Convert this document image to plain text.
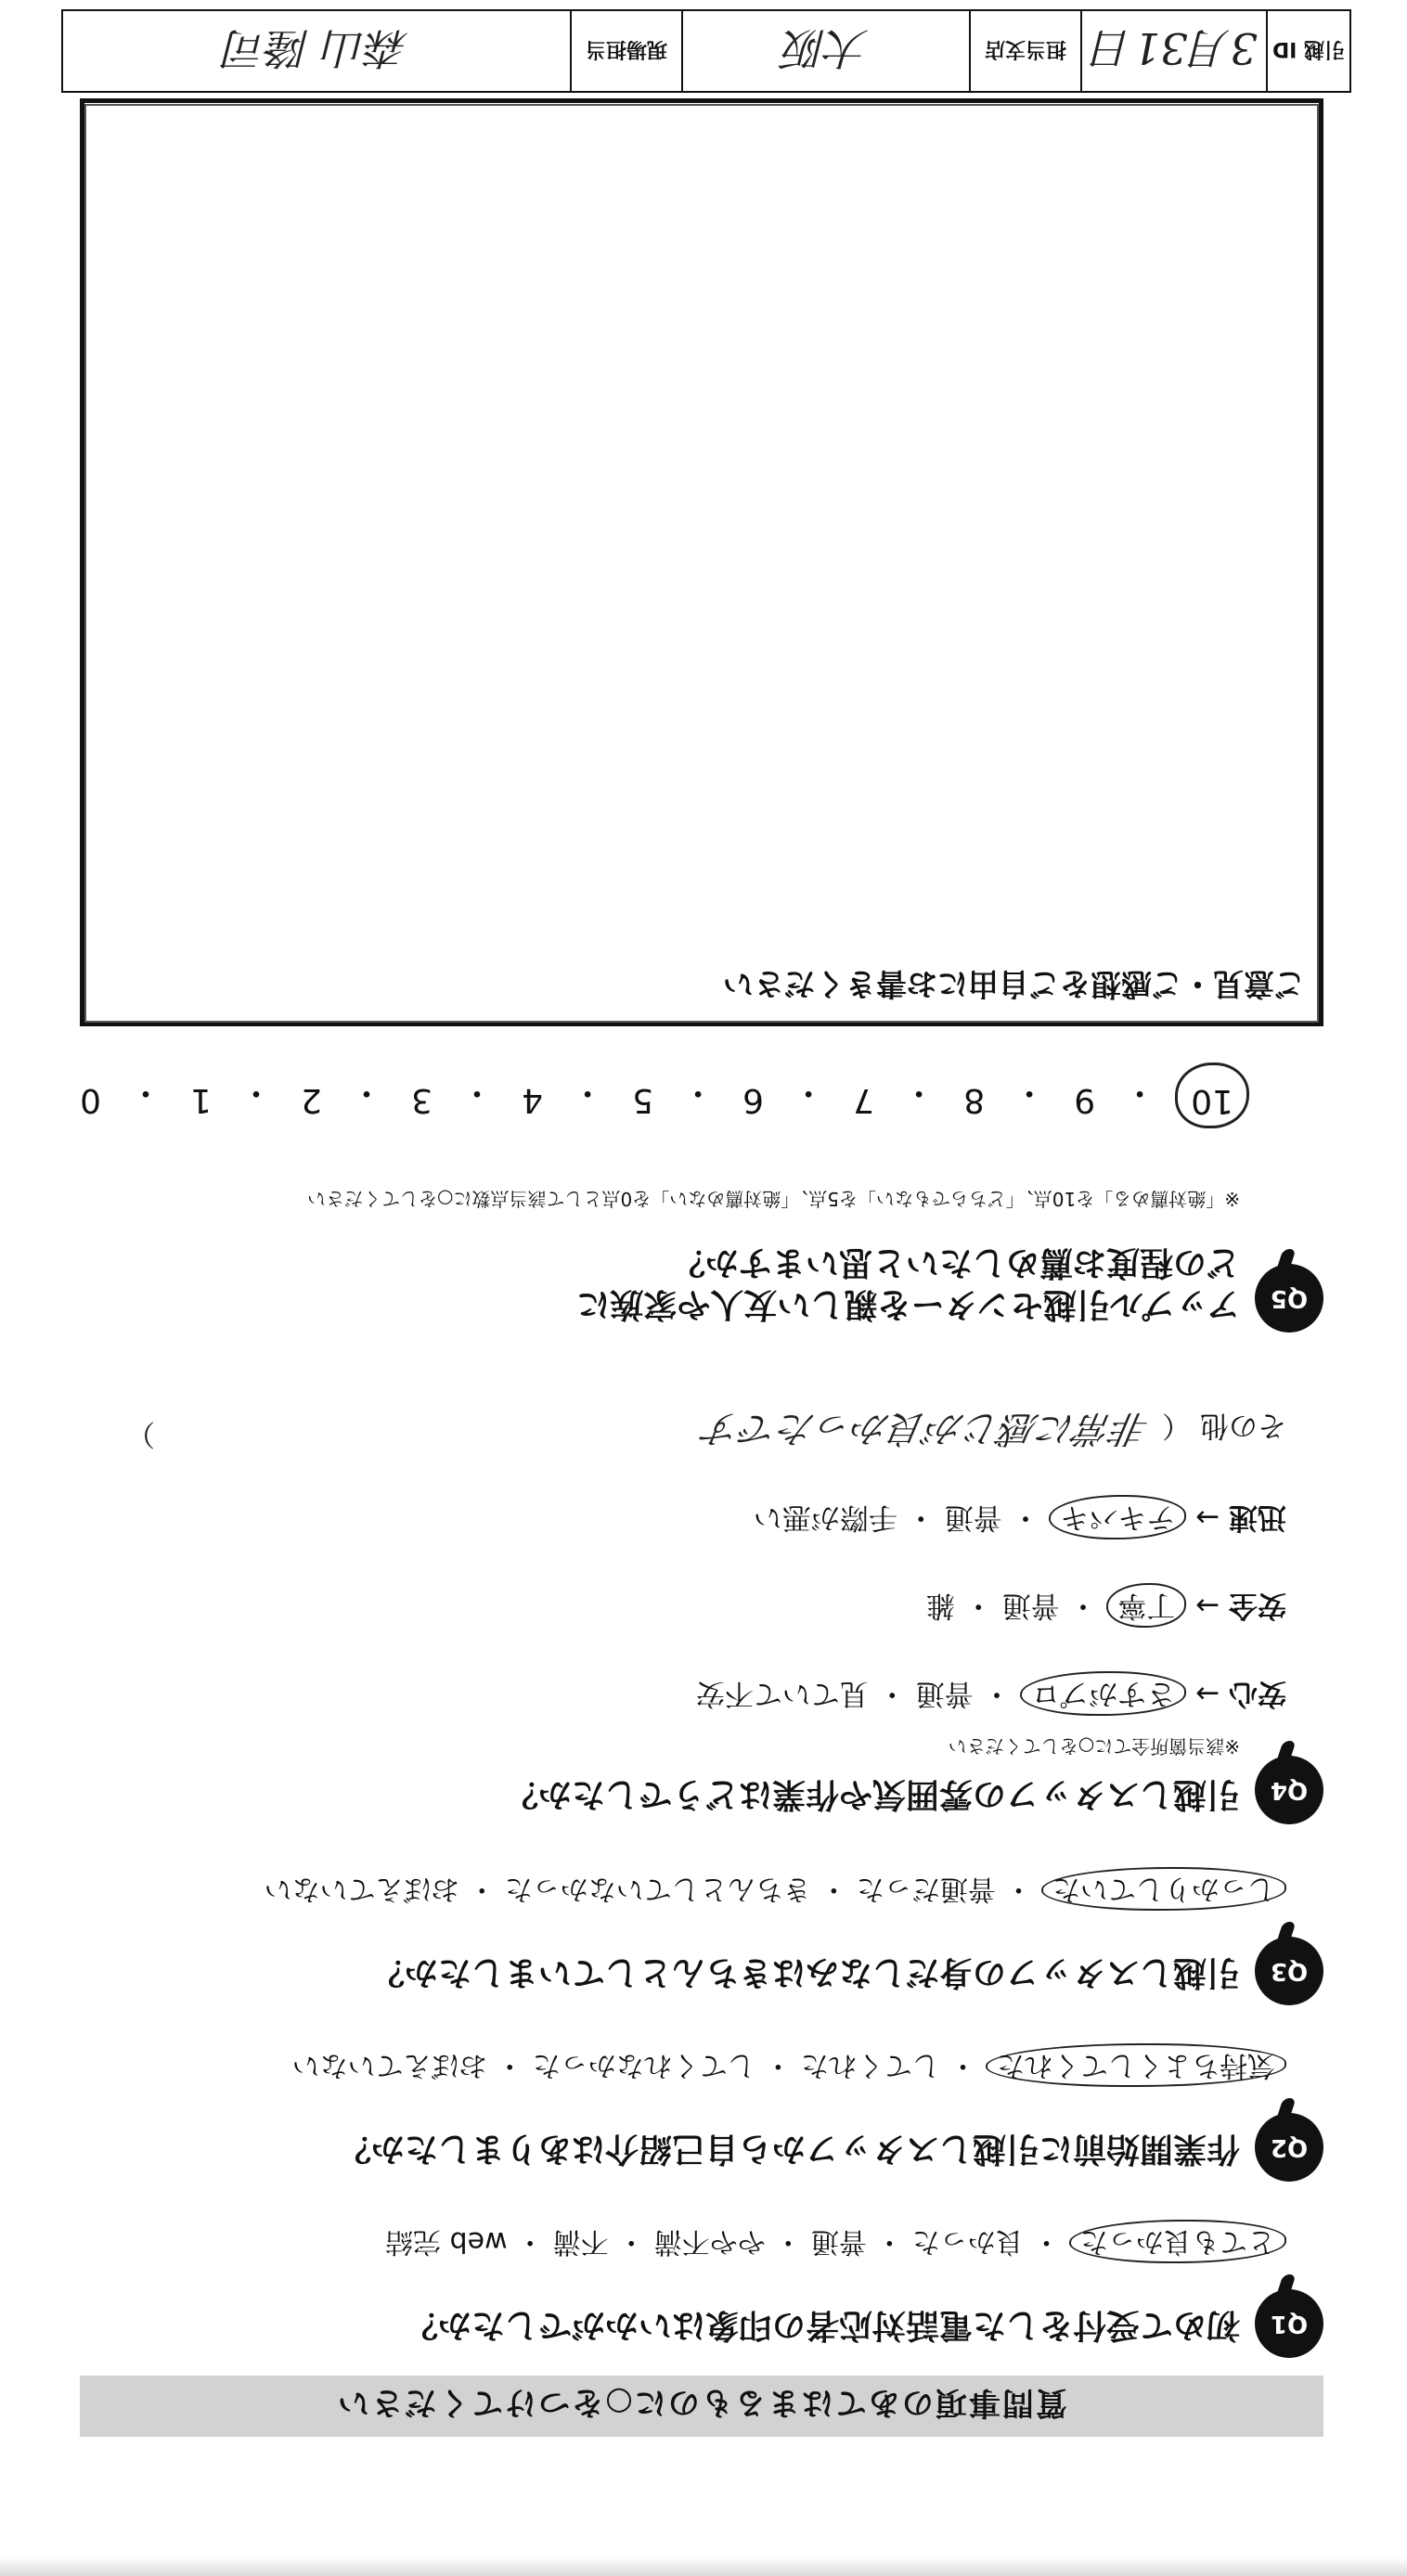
質問事項のあてはまるものに○をつけてください
Q1
初めて受付をした電話対応者の印象はいかがでしたか？
とても良かった ・ 良かった ・ 普通 ・ やや不満 ・ 不満 ・ web 完結
Q2
作業開始前に引越しスタッフから自己紹介はありましたか？
気持ちよくしてくれた ・ してくれた ・ してくれなかった ・ おぼえていない
Q3
引越しスタッフの身だしなみはきちんとしていましたか？
しっかりしていた ・ 普通だった ・ きちんとしていなかった ・ おぼえていない
Q4
引越しスタッフの雰囲気や作業はどうでしたか？
※該当箇所全てに○をしてください
安心 → さすがプロ ・ 普通 ・ 見ていて不安
安全 → 丁寧 ・ 普通 ・ 雑
迅速 → テキパキ ・ 普通 ・ 手際が悪い
その他 （非常に感じが良かったです
）
Q5
アップル引越センターを親しい友人や家族に
どの程度お薦めしたいと思いますか？
※「絶対薦める」を10点、「どちらでもない」を5点、「絶対薦めない」を0点として該当点数に○をしてください
10
・
9
・
8
・
7
・
6
・
5
・
4
・
3
・
2
・
1
・
0
ご意見・ご感想をご自由にお書きください
引越 ID
3月31日
担当支店
大阪
現場担当
森山 隆司
